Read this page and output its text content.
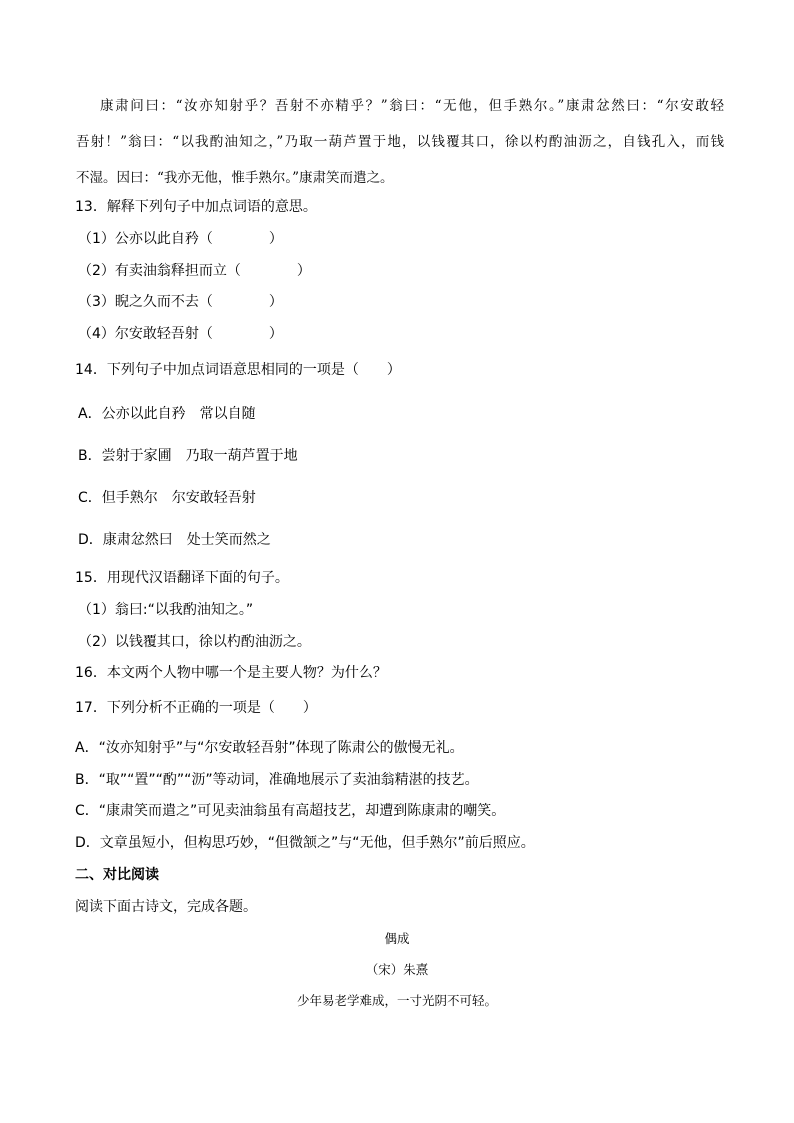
康肃问曰：“汝亦知射乎？吾射不亦精乎？”翁曰：“无他，但手熟尔。”康肃忿然曰：“尔安敢轻
吾射！”翁曰：“以我酌油知之，”乃取一葫芦置于地，以钱覆其口，徐以杓酌油沥之，自钱孔入，而钱
不湿。因曰：“我亦无他，惟手熟尔。”康肃笑而遣之。
13．解释下列句子中加点词语的意思。
（1）公亦以此自矜（　　　　）
（2）有卖油翁释担而立（　　　　）
（3）睨之久而不去（　　　　）
（4）尔安敢轻吾射（　　　　）
14．下列句子中加点词语意思相同的一项是（　　）
A．公亦以此自矜　常以自随
B．尝射于家圃　乃取一葫芦置于地
C．但手熟尔　尔安敢轻吾射
D．康肃忿然曰　处士笑而然之
15．用现代汉语翻译下面的句子。
（1）翁曰:“以我酌油知之。”
（2）以钱覆其口，徐以杓酌油沥之。
16．本文两个人物中哪一个是主要人物？为什么？
17．下列分析不正确的一项是（　　）
A．“汝亦知射乎”与“尔安敢轻吾射”体现了陈肃公的傲慢无礼。
B．“取”“置”“酌”“沥”等动词，准确地展示了卖油翁精湛的技艺。
C．“康肃笑而遣之”可见卖油翁虽有高超技艺，却遭到陈康肃的嘲笑。
D．文章虽短小，但构思巧妙，“但微颔之”与“无他，但手熟尔”前后照应。
二、对比阅读
阅读下面古诗文，完成各题。
偶成
（宋）朱熹
少年易老学难成，一寸光阴不可轻。
